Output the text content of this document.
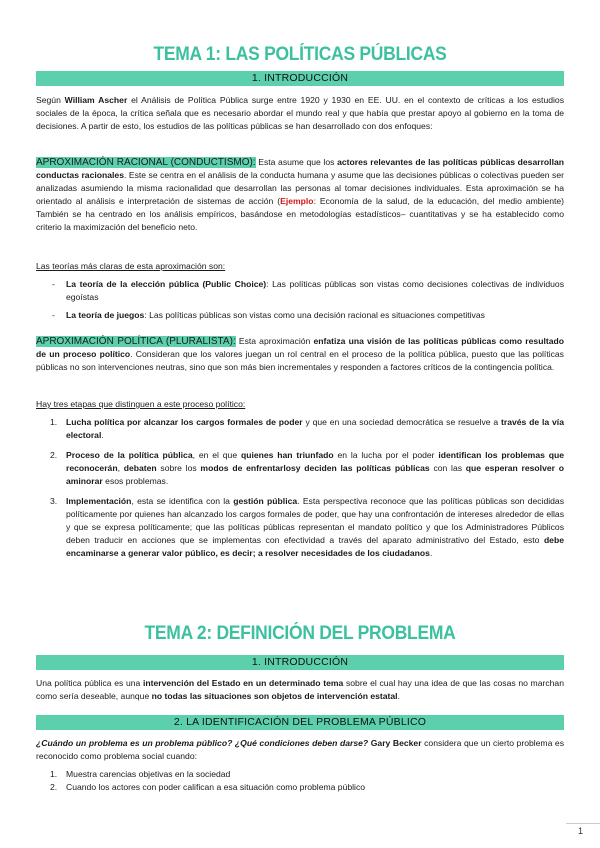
TEMA 1: LAS POLÍTICAS PÚBLICAS
1. INTRODUCCIÓN

Según William Ascher el Análisis de Política Pública surge entre 1920 y 1930 en EE. UU. en el contexto de críticas a los estudios sociales de la época, la crítica señala que es necesario abordar el mundo real y que había que prestar apoyo al gobierno en la toma de decisiones. A partir de esto, los estudios de las políticas públicas se han desarrollado con dos enfoques:

APROXIMACIÓN RACIONAL (CONDUCTISMO): Esta asume que los actores relevantes de las políticas públicas desarrollan conductas racionales. Este se centra en el análisis de la conducta humana y asume que las decisiones públicas o colectivas pueden ser analizadas asumiendo la misma racionalidad que desarrollan las personas al tomar decisiones individuales. Esta aproximación se ha orientado al análisis e interpretación de sistemas de acción (Ejemplo: Economía de la salud, de la educación, del medio ambiente) También se ha centrado en los análisis empíricos, basándose en metodologías estadísticos– cuantitativas y se ha establecido como criterio la maximización del beneficio neto.

Las teorías más claras de esta aproximación son:

- La teoría de la elección pública (Public Choice): Las políticas públicas son vistas como decisiones colectivas de individuos egoístas
- La teoría de juegos: Las políticas públicas son vistas como una decisión racional es situaciones competitivas

APROXIMACIÓN POLÍTICA (PLURALISTA): Esta aproximación enfatiza una visión de las políticas públicas como resultado de un proceso político. Consideran que los valores juegan un rol central en el proceso de la política pública, puesto que las políticas públicas no son intervenciones neutras, sino que son más bien incrementales y responden a factores críticos de la contingencia política.

Hay tres etapas que distinguen a este proceso político:

1. Lucha política por alcanzar los cargos formales de poder y que en una sociedad democrática se resuelve a través de la vía electoral.
2. Proceso de la política pública, en el que quienes han triunfado en la lucha por el poder identifican los problemas que reconocerán, debaten sobre los modos de enfrentarlosy deciden las políticas públicas con las que esperan resolver o aminorar esos problemas.
3. Implementación, esta se identifica con la gestión pública. Esta perspectiva reconoce que las políticas públicas son decididas políticamente por quienes han alcanzado los cargos formales de poder, que hay una confrontación de intereses alrededor de ellas y que se expresa políticamente; que las políticas públicas representan el mandato político y que los Administradores Públicos deben traducir en acciones que se implementas con efectividad a través del aparato administrativo del Estado, esto debe encaminarse a generar valor público, es decir; a resolver necesidades de los ciudadanos.
TEMA 2: DEFINICIÓN DEL PROBLEMA
1. INTRODUCCIÓN

Una política pública es una intervención del Estado en un determinado tema sobre el cual hay una idea de que las cosas no marchan como sería deseable, aunque no todas las situaciones son objetos de intervención estatal.

2. LA IDENTIFICACIÓN DEL PROBLEMA PÚBLICO

¿Cuándo un problema es un problema público? ¿Qué condiciones deben darse? Gary Becker considera que un cierto problema es reconocido como problema social cuando:

1. Muestra carencias objetivas en la sociedad
2. Cuando los actores con poder califican a esa situación como problema público
1
